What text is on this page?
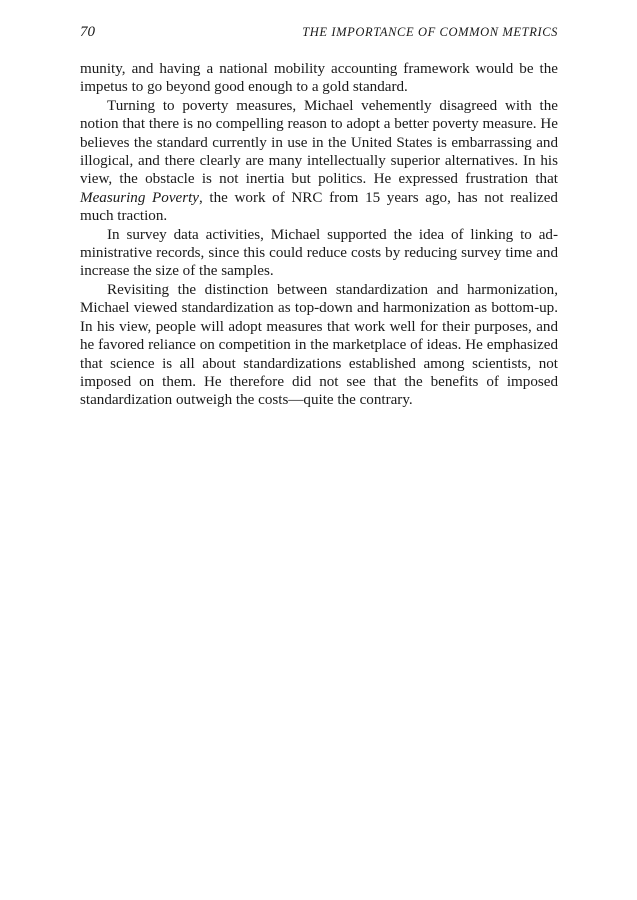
70	THE IMPORTANCE OF COMMON METRICS

munity, and having a national mobility accounting framework would be the impetus to go beyond good enough to a gold standard.

Turning to poverty measures, Michael vehemently disagreed with the notion that there is no compelling reason to adopt a better poverty measure. He believes the standard currently in use in the United States is embarrassing and illogical, and there clearly are many intellectually superior alternatives. In his view, the obstacle is not inertia but politics. He expressed frustration that Measuring Poverty, the work of NRC from 15 years ago, has not realized much traction.

In survey data activities, Michael supported the idea of linking to administrative records, since this could reduce costs by reducing survey time and increase the size of the samples.

Revisiting the distinction between standardization and harmonization, Michael viewed standardization as top-down and harmonization as bottom-up. In his view, people will adopt measures that work well for their purposes, and he favored reliance on competition in the marketplace of ideas. He emphasized that science is all about standardizations established among scientists, not imposed on them. He therefore did not see that the benefits of imposed standardization outweigh the costs—quite the contrary.
